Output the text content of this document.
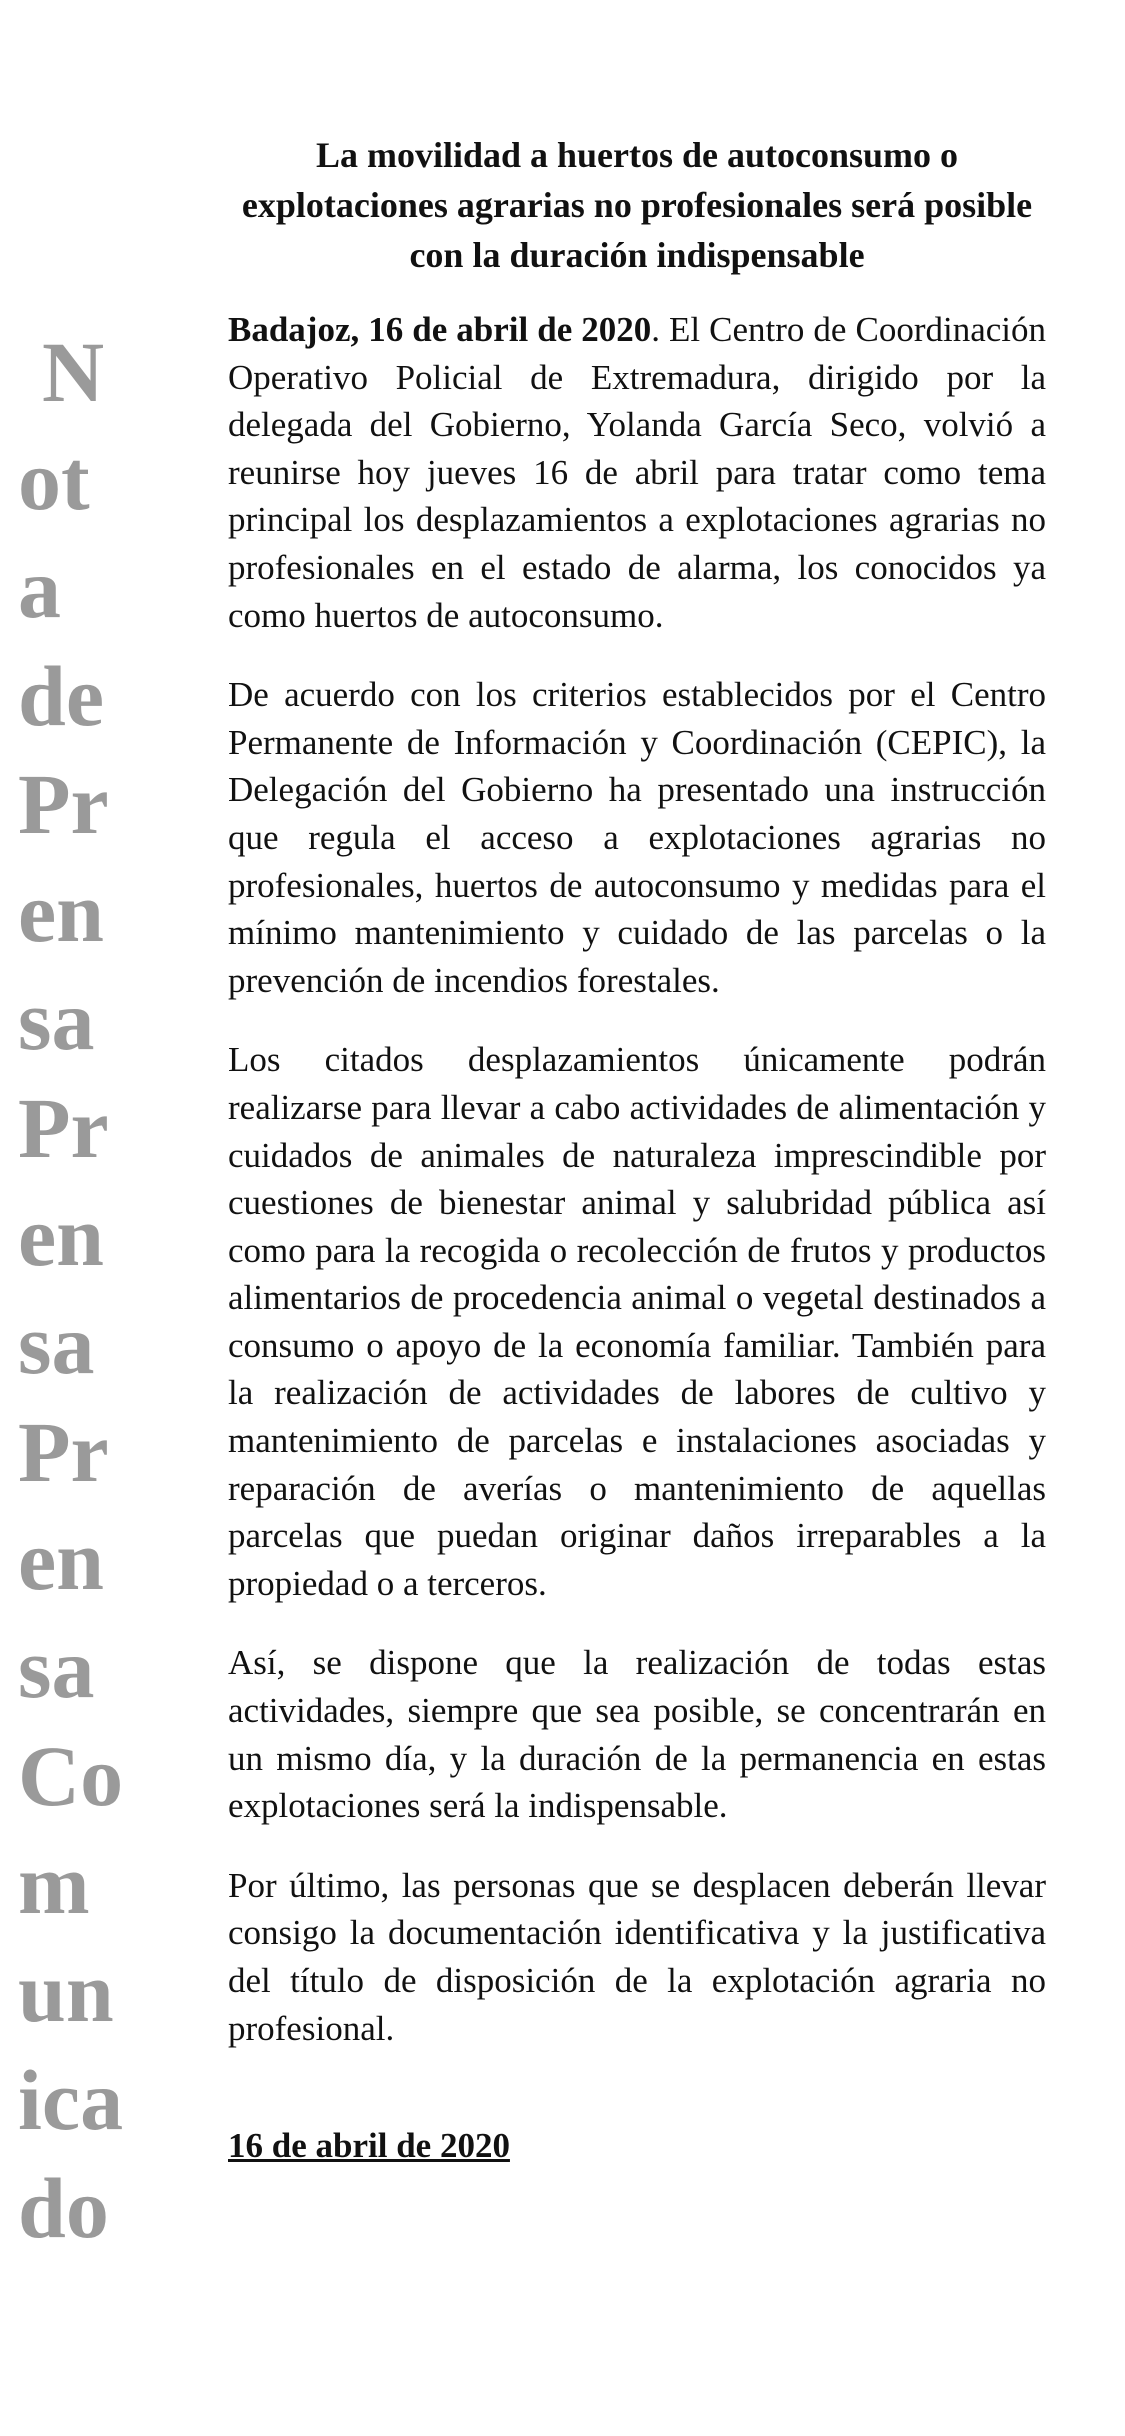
N
ot
a
de
Pr
en
sa
Pr
en
sa
Pr
en
sa
Co
m
un
ica
do
La movilidad a huertos de autoconsumo o explotaciones agrarias no profesionales será posible con la duración indispensable

Badajoz, 16 de abril de 2020. El Centro de Coordinación Operativo Policial de Extremadura, dirigido por la delegada del Gobierno, Yolanda García Seco, volvió a reunirse hoy jueves 16 de abril para tratar como tema principal los desplazamientos a explotaciones agrarias no profesionales en el estado de alarma, los conocidos ya como huertos de autoconsumo.

De acuerdo con los criterios establecidos por el Centro Permanente de Información y Coordinación (CEPIC), la Delegación del Gobierno ha presentado una instrucción que regula el acceso a explotaciones agrarias no profesionales, huertos de autoconsumo y medidas para el mínimo mantenimiento y cuidado de las parcelas o la prevención de incendios forestales.

Los citados desplazamientos únicamente podrán realizarse para llevar a cabo actividades de alimentación y cuidados de animales de naturaleza imprescindible por cuestiones de bienestar animal y salubridad pública así como para la recogida o recolección de frutos y productos alimentarios de procedencia animal o vegetal destinados a consumo o apoyo de la economía familiar. También para la realización de actividades de labores de cultivo y mantenimiento de parcelas e instalaciones asociadas y reparación de averías o mantenimiento de aquellas parcelas que puedan originar daños irreparables a la propiedad o a terceros.

Así, se dispone que la realización de todas estas actividades, siempre que sea posible, se concentrarán en un mismo día, y la duración de la permanencia en estas explotaciones será la indispensable.

Por último, las personas que se desplacen deberán llevar consigo la documentación identificativa y la justificativa del título de disposición de la explotación agraria no profesional.

16 de abril de 2020
